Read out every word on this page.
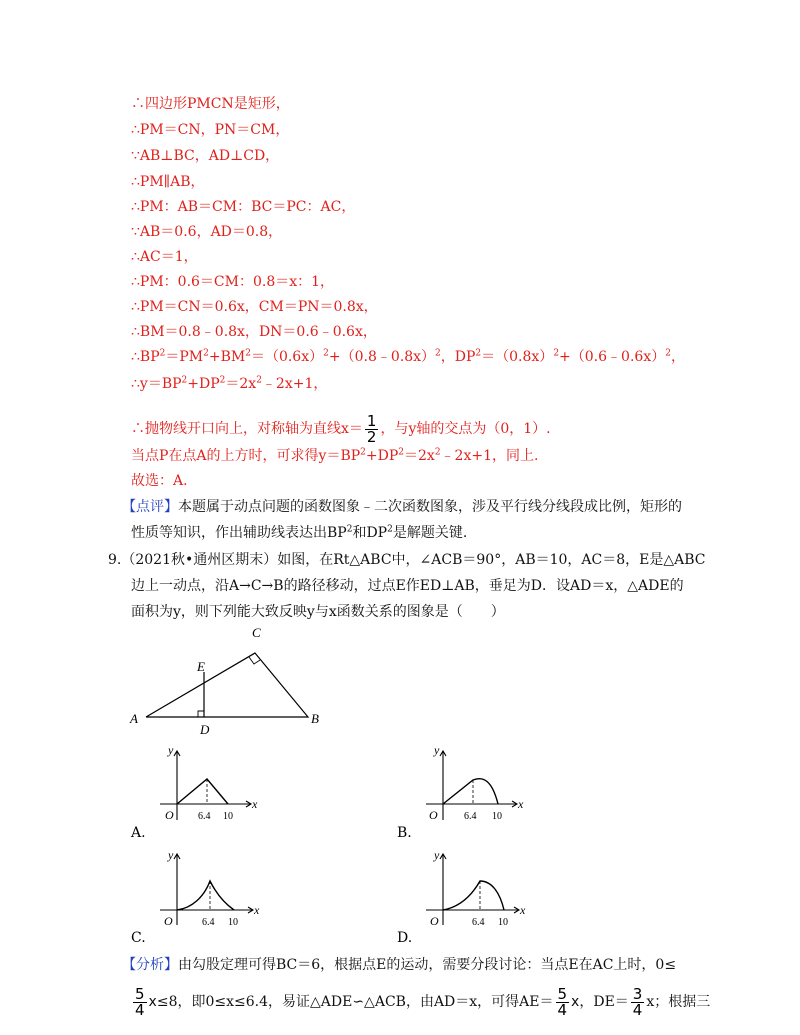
∴四边形PMCN是矩形，
∴PM＝CN，PN＝CM，
∵AB⊥BC，AD⊥CD，
∴PM∥AB，
∴PM：AB＝CM：BC＝PC：AC，
∵AB＝0.6，AD＝0.8，
∴AC＝1，
∴PM：0.6＝CM：0.8＝x：1，
∴PM＝CN＝0.6x，CM＝PN＝0.8x，
∴BM＝0.8﹣0.8x，DN＝0.6﹣0.6x，
$\therefore BP^2=PM^2+BM^2=(0.6x)^2+(0.8﹣0.8x)^2$，$DP^2=(0.8x)^2+(0.6﹣0.6x)^2$，
$\therefore y=BP^2+DP^2=2x^2﹣2x+1$，
∴抛物线开口向上，对称轴为直线$x= \frac{1}{2}$ ，与y轴的交点为（0，1）.
当点P在点A的上方时，可求得$y=BP^2+DP^2=2x^2﹣2x+1$，同上.
故选：A.
【点评】本题属于动点问题的函数图象﹣二次函数图象，涉及平行线分线段成比例，矩形的
性质等知识，作出辅助线表达出$BP^2$和$DP^2$是解题关键.
9.（2021秋•通州区期末）如图，在Rt△ABC中，∠ACB＝90°，AB＝10，AC＝8，E是△ABC
边上一动点，沿A→C→B的路径移动，过点E作ED⊥AB，垂足为D．设AD＝x，△ADE的
面积为y，则下列能大致反映y与x函数关系的图象是（　　）
A	B
C
D
E
x
y
O 6.4 10
A.
x
y
O	6.4 10
B.
x
y
O	6.4 10
C.
x
y
O	6.4 10
D.
【分析】由勾股定理可得BC＝6，根据点E的运动，需要分段讨论：当点E在AC上时，0≤
$\frac{5}{4} x\le 8$，即0≤x≤6.4，易证△ADE∽△ACB，由AD＝x，可得$AE= \frac{5}{4}$ x，$DE= \frac{3}{4}$ x；根据三
